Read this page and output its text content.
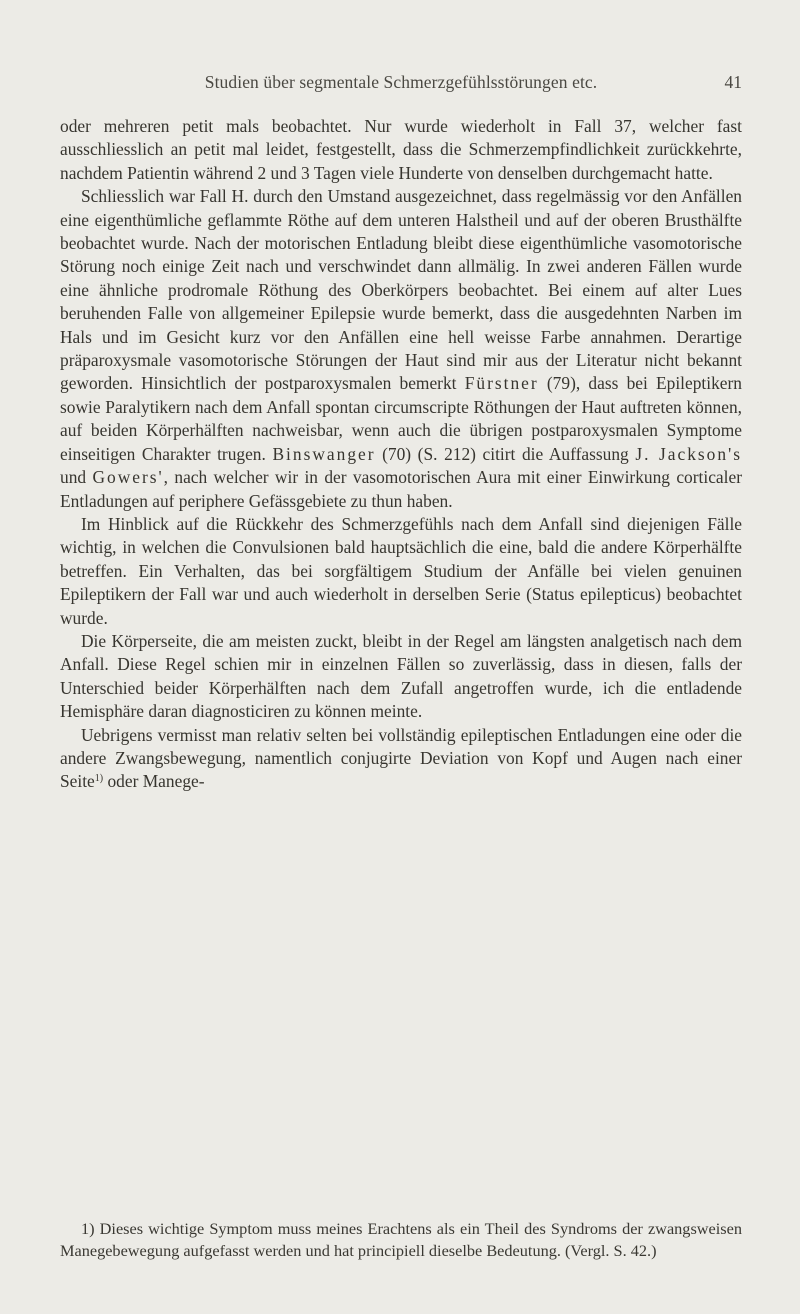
Studien über segmentale Schmerzgefühlsstörungen etc.	41

oder mehreren petit mals beobachtet. Nur wurde wiederholt in Fall 37, welcher fast ausschliesslich an petit mal leidet, festgestellt, dass die Schmerzempfindlichkeit zurückkehrte, nachdem Patientin während 2 und 3 Tagen viele Hunderte von denselben durchgemacht hatte.

Schliesslich war Fall H. durch den Umstand ausgezeichnet, dass regelmässig vor den Anfällen eine eigenthümliche geflammte Röthe auf dem unteren Halstheil und auf der oberen Brusthälfte beobachtet wurde. Nach der motorischen Entladung bleibt diese eigenthümliche vasomotorische Störung noch einige Zeit nach und verschwindet dann allmälig. In zwei anderen Fällen wurde eine ähnliche prodromale Röthung des Oberkörpers beobachtet. Bei einem auf alter Lues beruhenden Falle von allgemeiner Epilepsie wurde bemerkt, dass die ausgedehnten Narben im Hals und im Gesicht kurz vor den Anfällen eine hell weisse Farbe annahmen. Derartige präparoxysmale vasomotorische Störungen der Haut sind mir aus der Literatur nicht bekannt geworden. Hinsichtlich der postparoxysmalen bemerkt Fürstner (79), dass bei Epileptikern sowie Paralytikern nach dem Anfall spontan circumscripte Röthungen der Haut auftreten können, auf beiden Körperhälften nachweisbar, wenn auch die übrigen postparoxysmalen Symptome einseitigen Charakter trugen. Binswanger (70) (S. 212) citirt die Auffassung J. Jackson's und Gowers', nach welcher wir in der vasomotorischen Aura mit einer Einwirkung corticaler Entladungen auf periphere Gefässgebiete zu thun haben.

Im Hinblick auf die Rückkehr des Schmerzgefühls nach dem Anfall sind diejenigen Fälle wichtig, in welchen die Convulsionen bald hauptsächlich die eine, bald die andere Körperhälfte betreffen. Ein Verhalten, das bei sorgfältigem Studium der Anfälle bei vielen genuinen Epileptikern der Fall war und auch wiederholt in derselben Serie (Status epilepticus) beobachtet wurde.

Die Körperseite, die am meisten zuckt, bleibt in der Regel am längsten analgetisch nach dem Anfall. Diese Regel schien mir in einzelnen Fällen so zuverlässig, dass in diesen, falls der Unterschied beider Körperhälften nach dem Zufall angetroffen wurde, ich die entladende Hemisphäre daran diagnosticiren zu können meinte.

Uebrigens vermisst man relativ selten bei vollständig epileptischen Entladungen eine oder die andere Zwangsbewegung, namentlich conjugirte Deviation von Kopf und Augen nach einer Seite$^{1)}$ oder Manege-

1) Dieses wichtige Symptom muss meines Erachtens als ein Theil des Syndroms der zwangsweisen Manegebewegung aufgefasst werden und hat principiell dieselbe Bedeutung. (Vergl. S. 42.)
